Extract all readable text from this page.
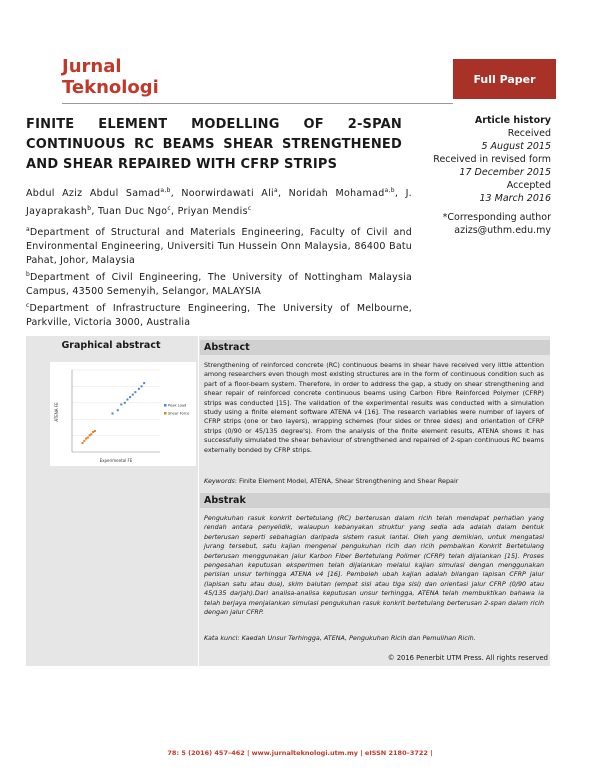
Jurnal
Teknologi	Full Paper
FINITE ELEMENT MODELLING OF 2-SPAN CONTINUOUS RC BEAMS SHEAR STRENGTHENED AND SHEAR REPAIRED WITH CFRP STRIPS
Article history
Received
5 August 2015
Received in revised form
17 December 2015
Accepted
13 March 2016
*Corresponding author
azizs@uthm.edu.my
Abdul Aziz Abdul Samad$^{a,b}$, Noorwirdawati Ali$^a$, Noridah Mohamad$^{a,b}$, J. Jayaprakash$^b$, Tuan Duc Ngo$^c$, Priyan Mendis$^c$

$^a$Department of Structural and Materials Engineering, Faculty of Civil and Environmental Engineering, Universiti Tun Hussein Onn Malaysia, 86400 Batu Pahat, Johor, Malaysia

$^b$Department of Civil Engineering, The University of Nottingham Malaysia Campus, 43500 Semenyih, Selangor, MALAYSIA

$^c$Department of Infrastructure Engineering, The University of Melbourne, Parkville, Victoria 3000, Australia

Graphical abstract
Experimental FE
ATENA FE	Peak Load
Shear Force
Abstract
Strengthening of reinforced concrete (RC) continuous beams in shear have received very little attention among researchers even though most existing structures are in the form of continuous condition such as part of a floor-beam system. Therefore, in order to address the gap, a study on shear strengthening and shear repair of reinforced concrete continuous beams using Carbon Fibre Reinforced Polymer (CFRP) strips was conducted [15]. The validation of the experimental results was conducted with a simulation study using a finite element software ATENA v4 [16]. The research variables were number of layers of CFRP strips (one or two layers), wrapping schemes (four sides or three sides) and orientation of CFRP strips (0/90 or 45/135 degree's). From the analysis of the finite element results, ATENA shows it has successfully simulated the shear behaviour of strengthened and repaired of 2-span continuous RC beams externally bonded by CFRP strips.
Keywords: Finite Element Model, ATENA, Shear Strengthening and Shear Repair
Abstrak
Pengukuhan rasuk konkrit bertetulang (RC) berterusan dalam ricih telah mendapat perhatian yang rendah antara penyelidik, walaupun kebanyakan struktur yang sedia ada adalah dalam bentuk berterusan seperti sebahagian daripada sistem rasuk lantai. Oleh yang demikian, untuk mengatasi jurang tersebut, satu kajian mengenai pengukuhan ricih dan ricih pembaikan Konkrit Bertetulang berterusan menggunakan jalur Karbon Fiber Bertetulang Polimer (CFRP) telah dijalankan [15]. Proses pengesahan keputusan eksperimen telah dijalankan melalui kajian simulasi dengan menggunakan perisian unsur terhingga ATENA v4 [16]. Pemboleh ubah kajian adalah bilangan lapisan CFRP jalur (lapisan satu atau dua), skim balutan (empat sisi atau tiga sisi) dan orientasi jalur CFRP (0/90 atau 45/135 darjah).Dari analisa-analisa keputusan unsur terhingga, ATENA telah membuktikan bahawa ia telah berjaya menjalankan simulasi pengukuhan rasuk konkrit bertetulang berterusan 2-span dalam ricih dengan jalur CFRP.
Kata kunci: Kaedah Unsur Terhingga, ATENA, Pengukuhan Ricih dan Pemulihan Ricih.
© 2016 Penerbit UTM Press. All rights reserved
78: 5 (2016) 457–462 | www.jurnalteknologi.utm.my | eISSN 2180–3722 |
